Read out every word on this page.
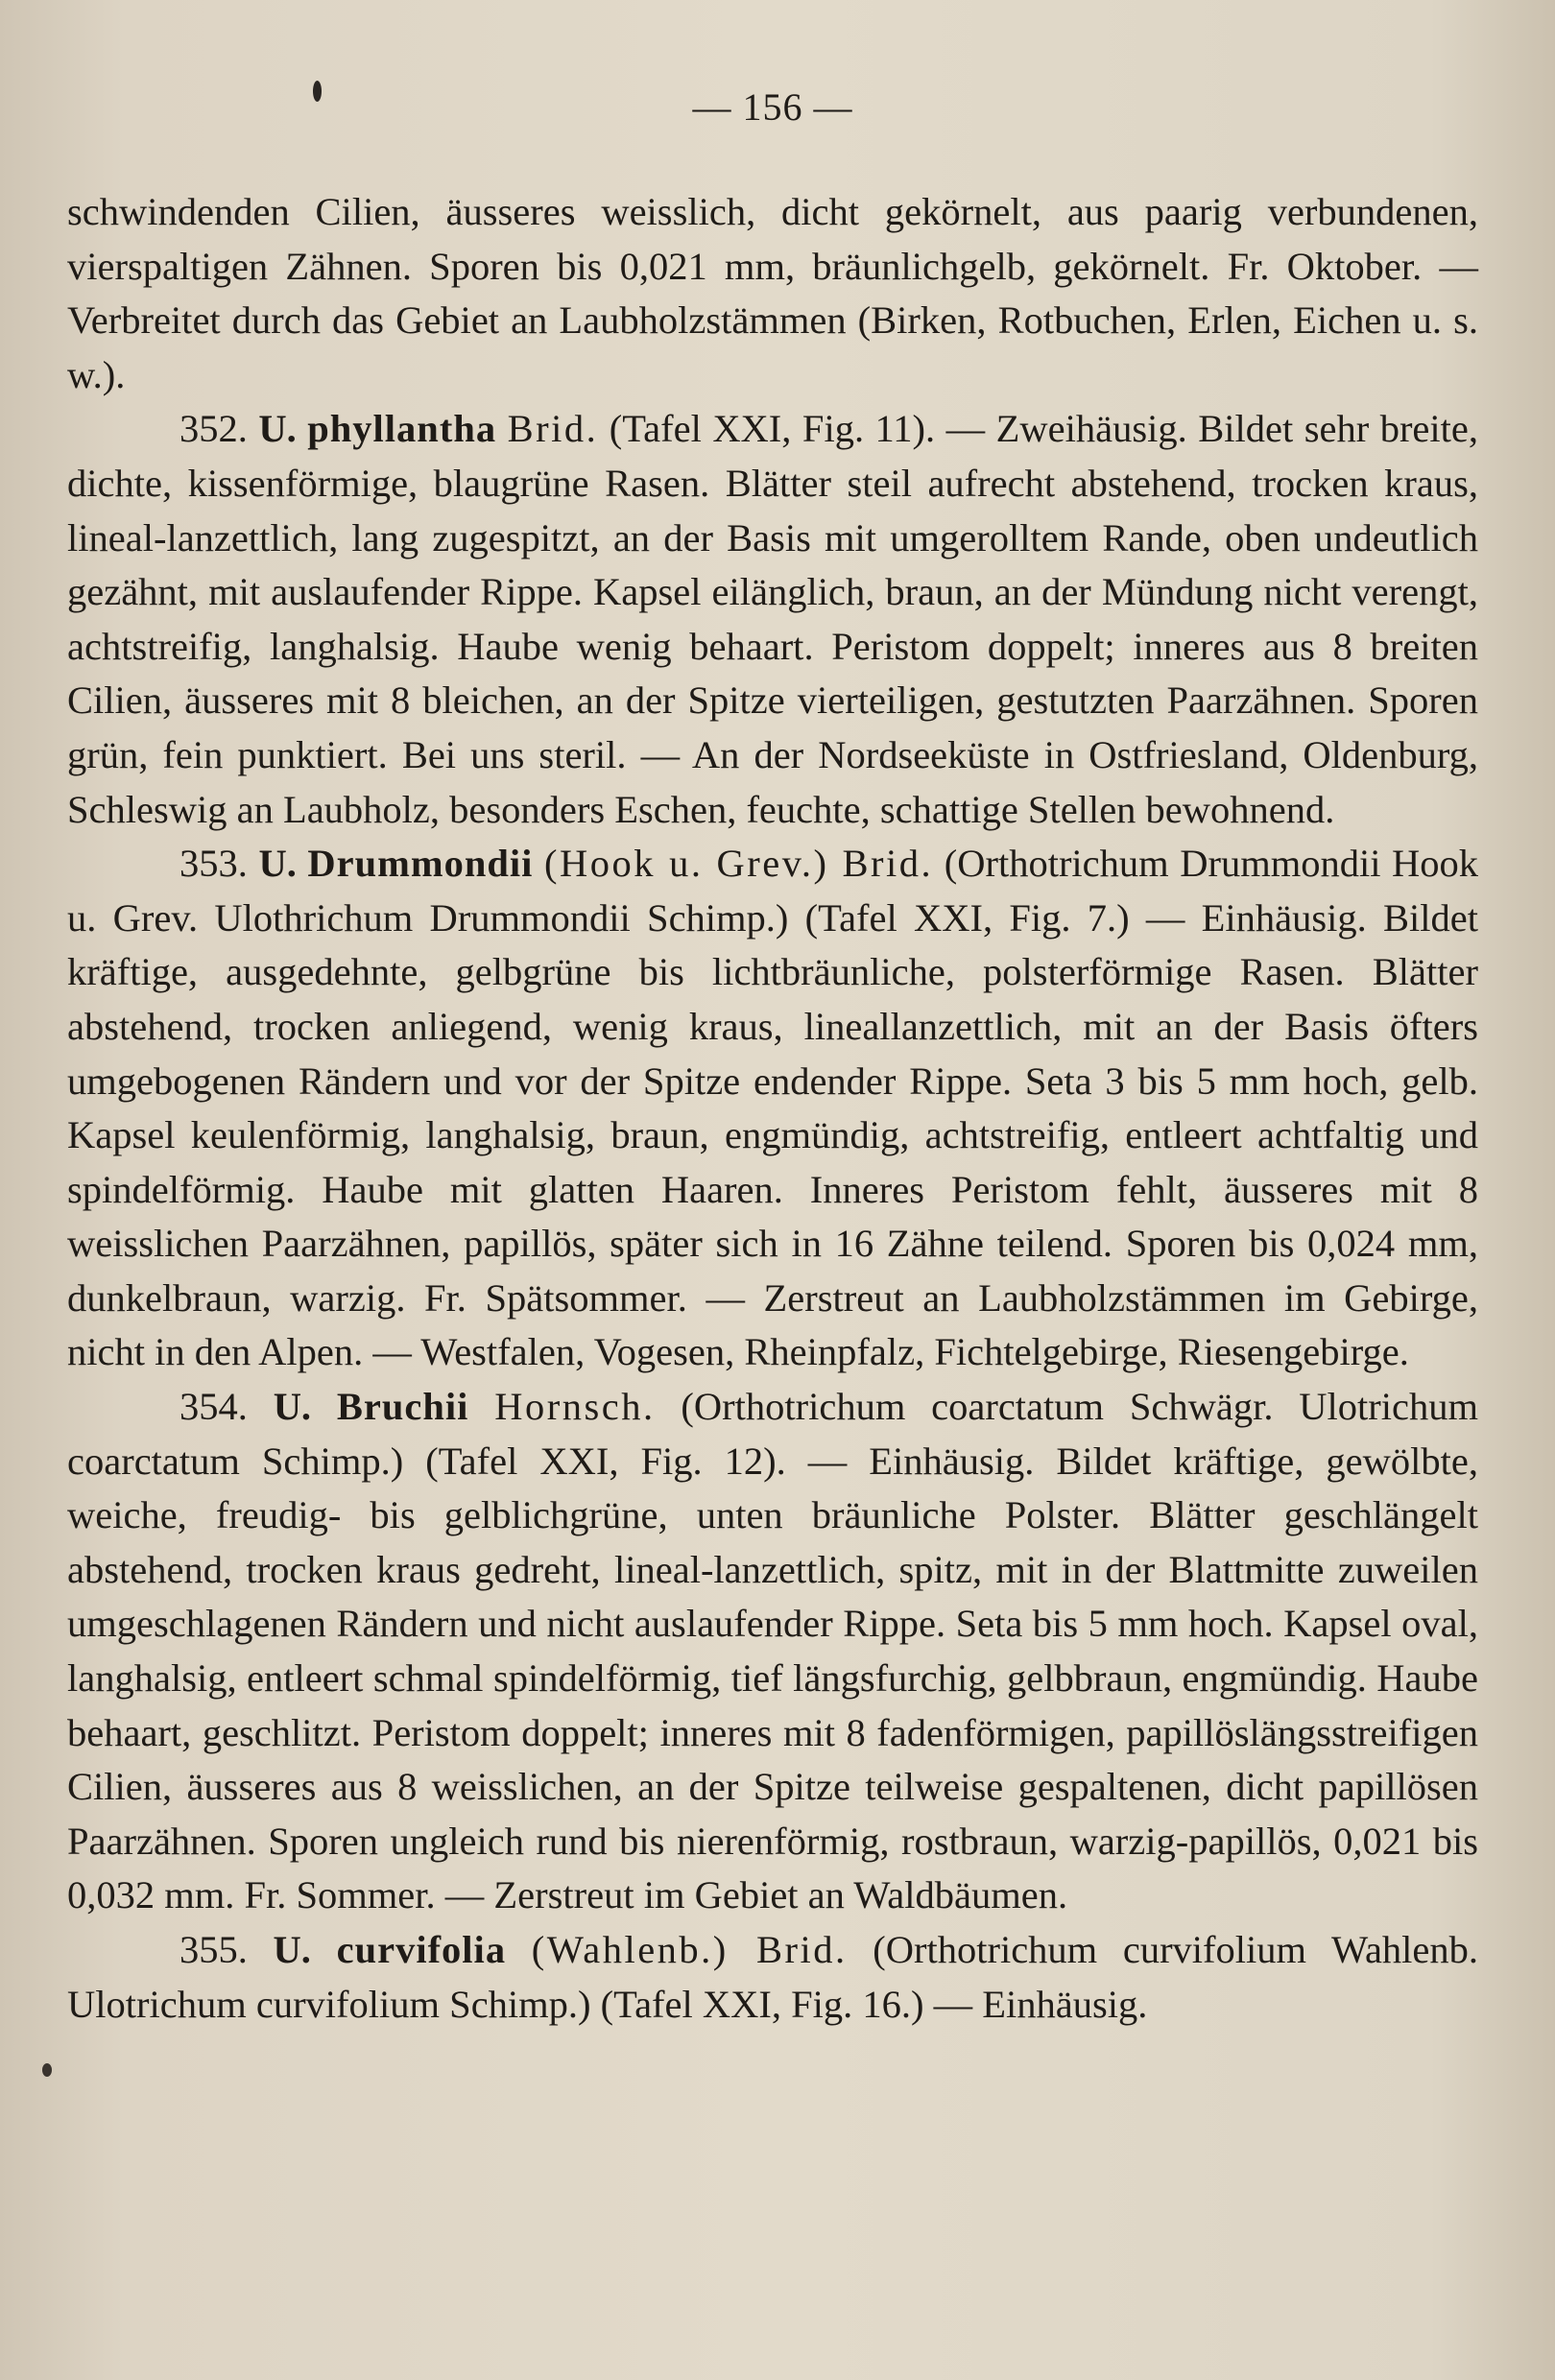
— 156 —

schwindenden Cilien, äusseres weisslich, dicht gekörnelt, aus paarig verbundenen, vierspaltigen Zähnen. Sporen bis 0,021 mm, bräunlichgelb, gekörnelt. Fr. Oktober. — Verbreitet durch das Gebiet an Laubholzstämmen (Birken, Rotbuchen, Erlen, Eichen u. s. w.).

352. U. phyllantha Brid. (Tafel XXI, Fig. 11). — Zweihäusig. Bildet sehr breite, dichte, kissenförmige, blaugrüne Rasen. Blätter steil aufrecht abstehend, trocken kraus, lineal-lanzettlich, lang zugespitzt, an der Basis mit umgerolltem Rande, oben undeutlich gezähnt, mit auslaufender Rippe. Kapsel eilänglich, braun, an der Mündung nicht verengt, achtstreifig, langhalsig. Haube wenig behaart. Peristom doppelt; inneres aus 8 breiten Cilien, äusseres mit 8 bleichen, an der Spitze vierteiligen, gestutzten Paarzähnen. Sporen grün, fein punktiert. Bei uns steril. — An der Nordseeküste in Ostfriesland, Oldenburg, Schleswig an Laubholz, besonders Eschen, feuchte, schattige Stellen bewohnend.

353. U. Drummondii (Hook u. Grev.) Brid. (Orthotrichum Drummondii Hook u. Grev. Ulothrichum Drummondii Schimp.) (Tafel XXI, Fig. 7.) — Einhäusig. Bildet kräftige, ausgedehnte, gelbgrüne bis lichtbräunliche, polsterförmige Rasen. Blätter abstehend, trocken anliegend, wenig kraus, lineallanzettlich, mit an der Basis öfters umgebogenen Rändern und vor der Spitze endender Rippe. Seta 3 bis 5 mm hoch, gelb. Kapsel keulenförmig, langhalsig, braun, engmündig, achtstreifig, entleert achtfaltig und spindelförmig. Haube mit glatten Haaren. Inneres Peristom fehlt, äusseres mit 8 weisslichen Paarzähnen, papillös, später sich in 16 Zähne teilend. Sporen bis 0,024 mm, dunkelbraun, warzig. Fr. Spätsommer. — Zerstreut an Laubholzstämmen im Gebirge, nicht in den Alpen. — Westfalen, Vogesen, Rheinpfalz, Fichtelgebirge, Riesengebirge.

354. U. Bruchii Hornsch. (Orthotrichum coarctatum Schwägr. Ulotrichum coarctatum Schimp.) (Tafel XXI, Fig. 12). — Einhäusig. Bildet kräftige, gewölbte, weiche, freudig- bis gelblichgrüne, unten bräunliche Polster. Blätter geschlängelt abstehend, trocken kraus gedreht, lineal-lanzettlich, spitz, mit in der Blattmitte zuweilen umgeschlagenen Rändern und nicht auslaufender Rippe. Seta bis 5 mm hoch. Kapsel oval, langhalsig, entleert schmal spindelförmig, tief längsfurchig, gelbbraun, engmündig. Haube behaart, geschlitzt. Peristom doppelt; inneres mit 8 fadenförmigen, papillöslängsstreifigen Cilien, äusseres aus 8 weisslichen, an der Spitze teilweise gespaltenen, dicht papillösen Paarzähnen. Sporen ungleich rund bis nierenförmig, rostbraun, warzig-papillös, 0,021 bis 0,032 mm. Fr. Sommer. — Zerstreut im Gebiet an Waldbäumen.

355. U. curvifolia (Wahlenb.) Brid. (Orthotrichum curvifolium Wahlenb. Ulotrichum curvifolium Schimp.) (Tafel XXI, Fig. 16.) — Einhäusig.
